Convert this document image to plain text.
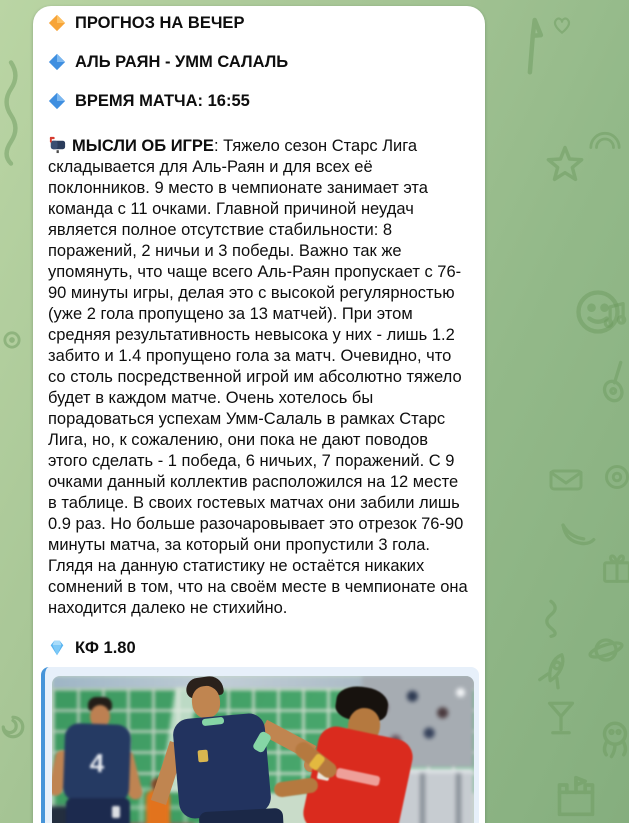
ПРОГНОЗ НА ВЕЧЕР
АЛЬ РАЯН - УММ САЛАЛЬ
ВРЕМЯ МАТЧА: 16:55

МЫСЛИ ОБ ИГРЕ: Тяжело сезон Старс Лига складывается для Аль-Раян и для всех её поклонников. 9 место в чемпионате занимает эта команда с 11 очками. Главной причиной неудач является полное отсутствие стабильности: 8 поражений, 2 ничьи и 3 победы. Важно так же упомянуть, что чаще всего Аль-Раян пропускает с 76-90 минуты игры, делая это с высокой регулярностью (уже 2 гола пропущено за 13 матчей). При этом средняя результативность невысока у них - лишь 1.2 забито и 1.4 пропущено гола за матч. Очевидно, что со столь посредственной игрой им абсолютно тяжело будет в каждом матче. Очень хотелось бы порадоваться успехам Умм-Салаль в рамках Старс Лига, но, к сожалению, они пока не дают поводов этого сделать - 1 победа, 6 ничьих, 7 поражений. С 9 очками данный коллектив расположился на 12 месте в таблице. В своих гостевых матчах они забили лишь 0.9 раз. Но больше разочаровывает это отрезок 76-90 минуты матча, за который они пропустили 3 гола. Глядя на данную статистику не остаётся никаких сомнений в том, что на своём месте в чемпионате она находится далеко не стихийно.

КФ 1.80
4
